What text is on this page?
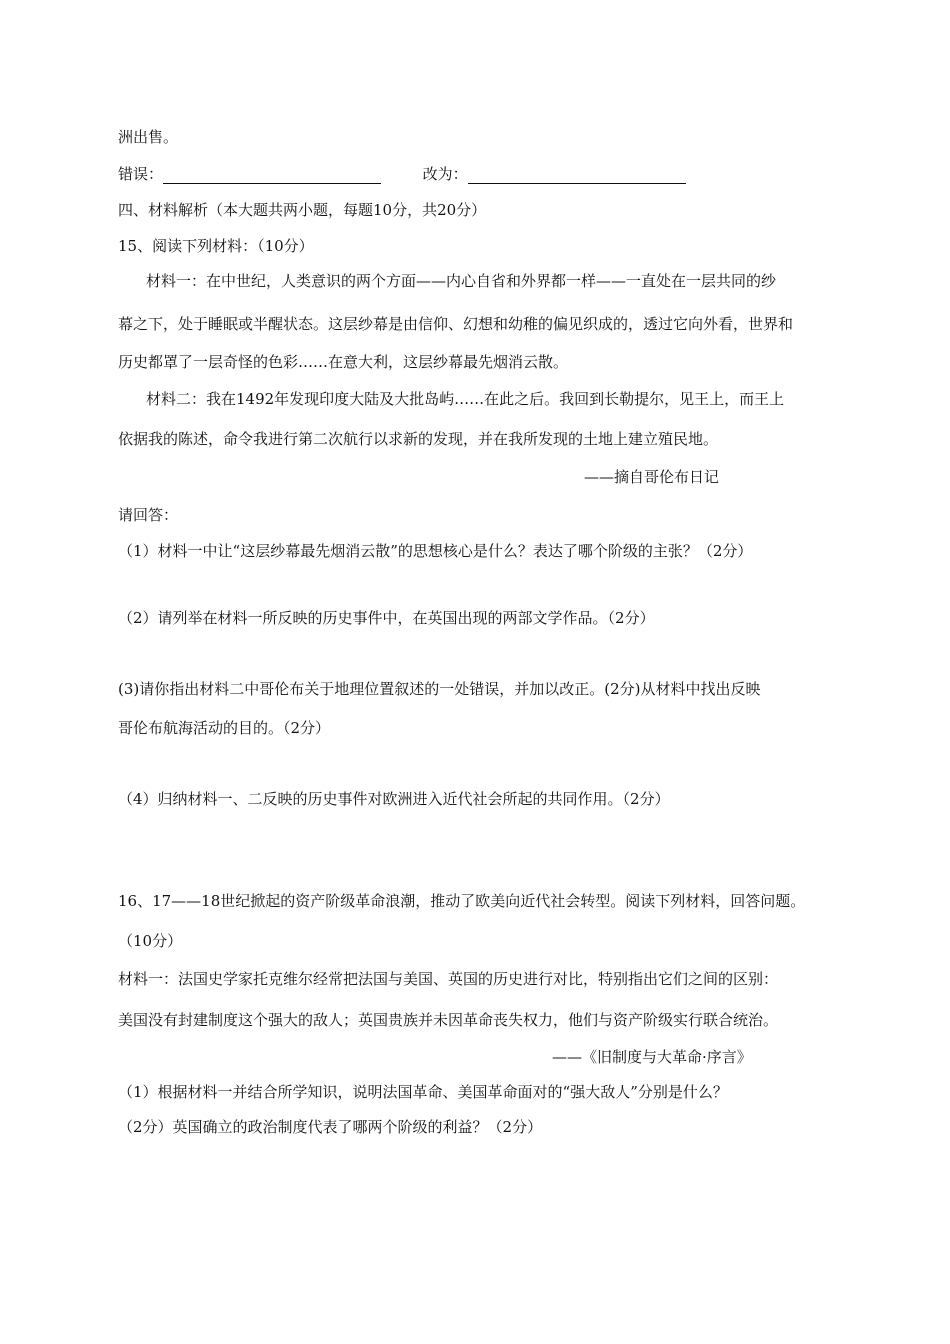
洲出售。
错误：	改为：
四、材料解析（本大题共两小题，每题10分，共20分）
15、阅读下列材料：（10分）
材料一：在中世纪，人类意识的两个方面——内心自省和外界都一样——一直处在一层共同的纱
幕之下，处于睡眠或半醒状态。这层纱幕是由信仰、幻想和幼稚的偏见织成的，透过它向外看，世界和
历史都罩了一层奇怪的色彩……在意大利，这层纱幕最先烟消云散。
材料二：我在1492年发现印度大陆及大批岛屿……在此之后。我回到长勒提尔，见王上，而王上
依据我的陈述，命令我进行第二次航行以求新的发现，并在我所发现的土地上建立殖民地。
——摘自哥伦布日记
请回答：
（1）材料一中让“这层纱幕最先烟消云散”的思想核心是什么？表达了哪个阶级的主张？（2分）
（2）请列举在材料一所反映的历史事件中，在英国出现的两部文学作品。（2分）
(3)请你指出材料二中哥伦布关于地理位置叙述的一处错误，并加以改正。(2分)从材料中找出反映
哥伦布航海活动的目的。（2分）
（4）归纳材料一、二反映的历史事件对欧洲进入近代社会所起的共同作用。（2分）
16、17——18世纪掀起的资产阶级革命浪潮，推动了欧美向近代社会转型。阅读下列材料，回答问题。
（10分）
材料一：法国史学家托克维尔经常把法国与美国、英国的历史进行对比，特别指出它们之间的区别：
美国没有封建制度这个强大的敌人；英国贵族并未因革命丧失权力，他们与资产阶级实行联合统治。
——《旧制度与大革命·序言》
（1）根据材料一并结合所学知识，说明法国革命、美国革命面对的“强大敌人”分别是什么？
（2分）英国确立的政治制度代表了哪两个阶级的利益？（2分）
